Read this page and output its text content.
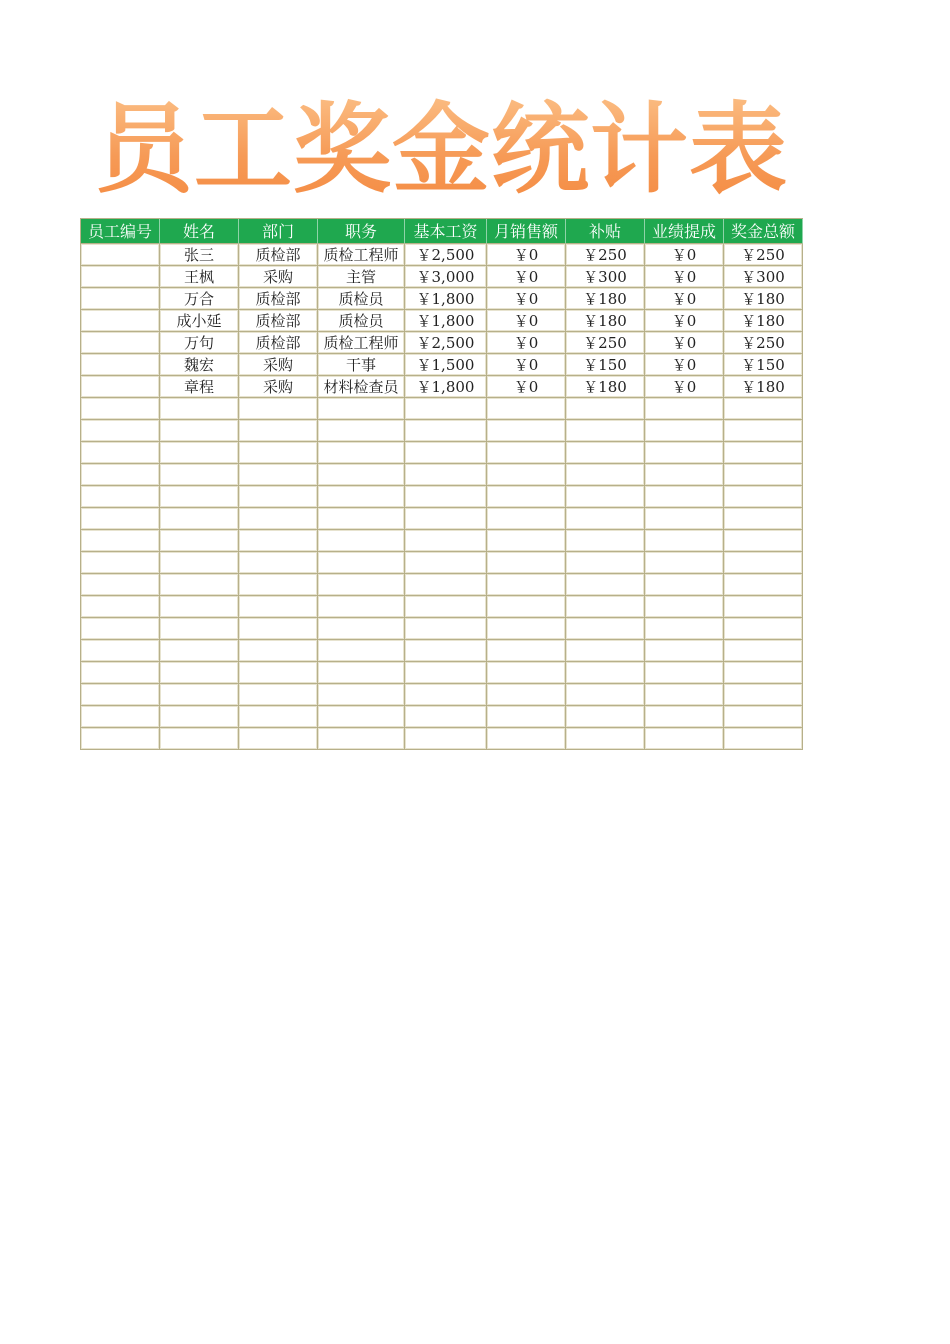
员工奖金统计表
员工编号	姓名	部门	职务	基本工资	月销售额	补贴	业绩提成	奖金总额
	张三	质检部	质检工程师	￥2,500	￥0	￥250	￥0	￥250
	王枫	采购	主管	￥3,000	￥0	￥300	￥0	￥300
	万合	质检部	质检员	￥1,800	￥0	￥180	￥0	￥180
	成小延	质检部	质检员	￥1,800	￥0	￥180	￥0	￥180
	万句	质检部	质检工程师	￥2,500	￥0	￥250	￥0	￥250
	魏宏	采购	干事	￥1,500	￥0	￥150	￥0	￥150
	章程	采购	材料检查员	￥1,800	￥0	￥180	￥0	￥180
